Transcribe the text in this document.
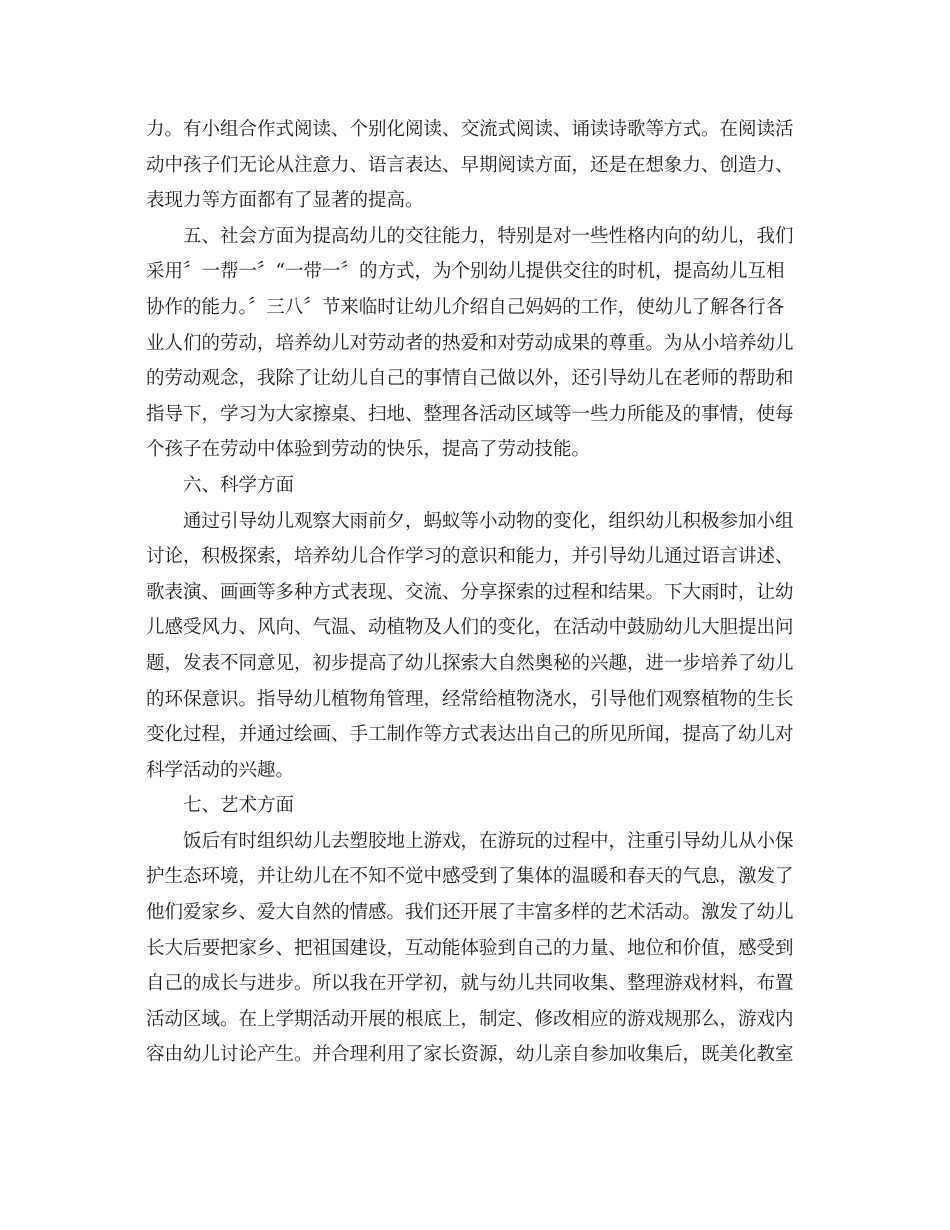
力。有小组合作式阅读、个别化阅读、交流式阅读、诵读诗歌等方式。在阅读活
动中孩子们无论从注意力、语言表达、早期阅读方面，还是在想象力、创造力、
表现力等方面都有了显著的提高。
五、社会方面为提高幼儿的交往能力，特别是对一些性格内向的幼儿，我们
采用〞一帮一〞“一带一〞的方式，为个别幼儿提供交往的时机，提高幼儿互相
协作的能力。〞三八〞节来临时让幼儿介绍自己妈妈的工作，使幼儿了解各行各
业人们的劳动，培养幼儿对劳动者的热爱和对劳动成果的尊重。为从小培养幼儿
的劳动观念，我除了让幼儿自己的事情自己做以外，还引导幼儿在老师的帮助和
指导下，学习为大家擦桌、扫地、整理各活动区域等一些力所能及的事情，使每
个孩子在劳动中体验到劳动的快乐，提高了劳动技能。
六、科学方面
通过引导幼儿观察大雨前夕，蚂蚁等小动物的变化，组织幼儿积极参加小组
讨论，积极探索，培养幼儿合作学习的意识和能力，并引导幼儿通过语言讲述、
歌表演、画画等多种方式表现、交流、分享探索的过程和结果。下大雨时，让幼
儿感受风力、风向、气温、动植物及人们的变化，在活动中鼓励幼儿大胆提出问
题，发表不同意见，初步提高了幼儿探索大自然奥秘的兴趣，进一步培养了幼儿
的环保意识。指导幼儿植物角管理，经常给植物浇水，引导他们观察植物的生长
变化过程，并通过绘画、手工制作等方式表达出自己的所见所闻，提高了幼儿对
科学活动的兴趣。
七、艺术方面
饭后有时组织幼儿去塑胶地上游戏，在游玩的过程中，注重引导幼儿从小保
护生态环境，并让幼儿在不知不觉中感受到了集体的温暖和春天的气息，激发了
他们爱家乡、爱大自然的情感。我们还开展了丰富多样的艺术活动。激发了幼儿
长大后要把家乡、把祖国建设，互动能体验到自己的力量、地位和价值，感受到
自己的成长与进步。所以我在开学初，就与幼儿共同收集、整理游戏材料，布置
活动区域。在上学期活动开展的根底上，制定、修改相应的游戏规那么，游戏内
容由幼儿讨论产生。并合理利用了家长资源，幼儿亲自参加收集后，既美化教室
